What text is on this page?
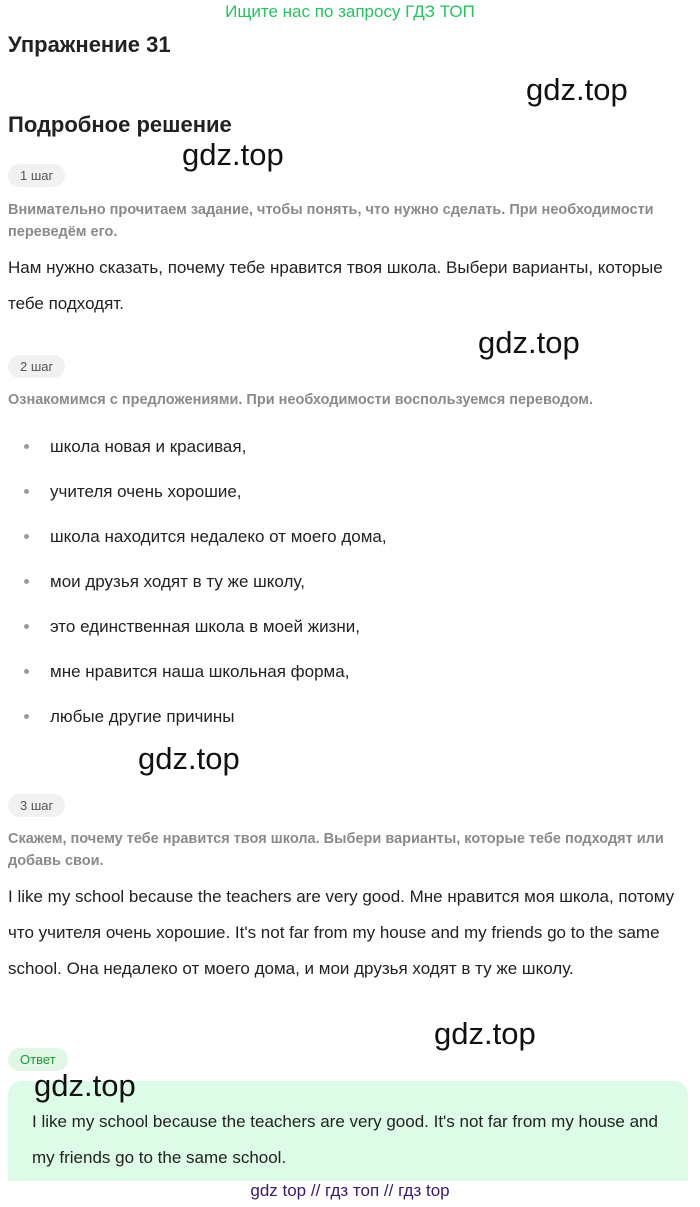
Ищите нас по запросу ГДЗ ТОП
Упражнение 31
gdz.top
Подробное решение
gdz.top
1 шаг
Внимательно прочитаем задание, чтобы понять, что нужно сделать. При необходимости переведём его.
Нам нужно сказать, почему тебе нравится твоя школа. Выбери варианты, которые тебе подходят.
gdz.top
2 шаг
Ознакомимся с предложениями. При необходимости воспользуемся переводом.
школа новая и красивая,
учителя очень хорошие,
школа находится недалеко от моего дома,
мои друзья ходят в ту же школу,
это единственная школа в моей жизни,
мне нравится наша школьная форма,
любые другие причины
gdz.top
3 шаг
Скажем, почему тебе нравится твоя школа. Выбери варианты, которые тебе подходят или добавь свои.
I like my school because the teachers are very good. Мне нравится моя школа, потому что учителя очень хорошие. It's not far from my house and my friends go to the same school. Она недалеко от моего дома, и мои друзья ходят в ту же школу.
gdz.top
Ответ
gdz.top
I like my school because the teachers are very good. It's not far from my house and my friends go to the same school.
gdz top // гдз топ // гдз top
